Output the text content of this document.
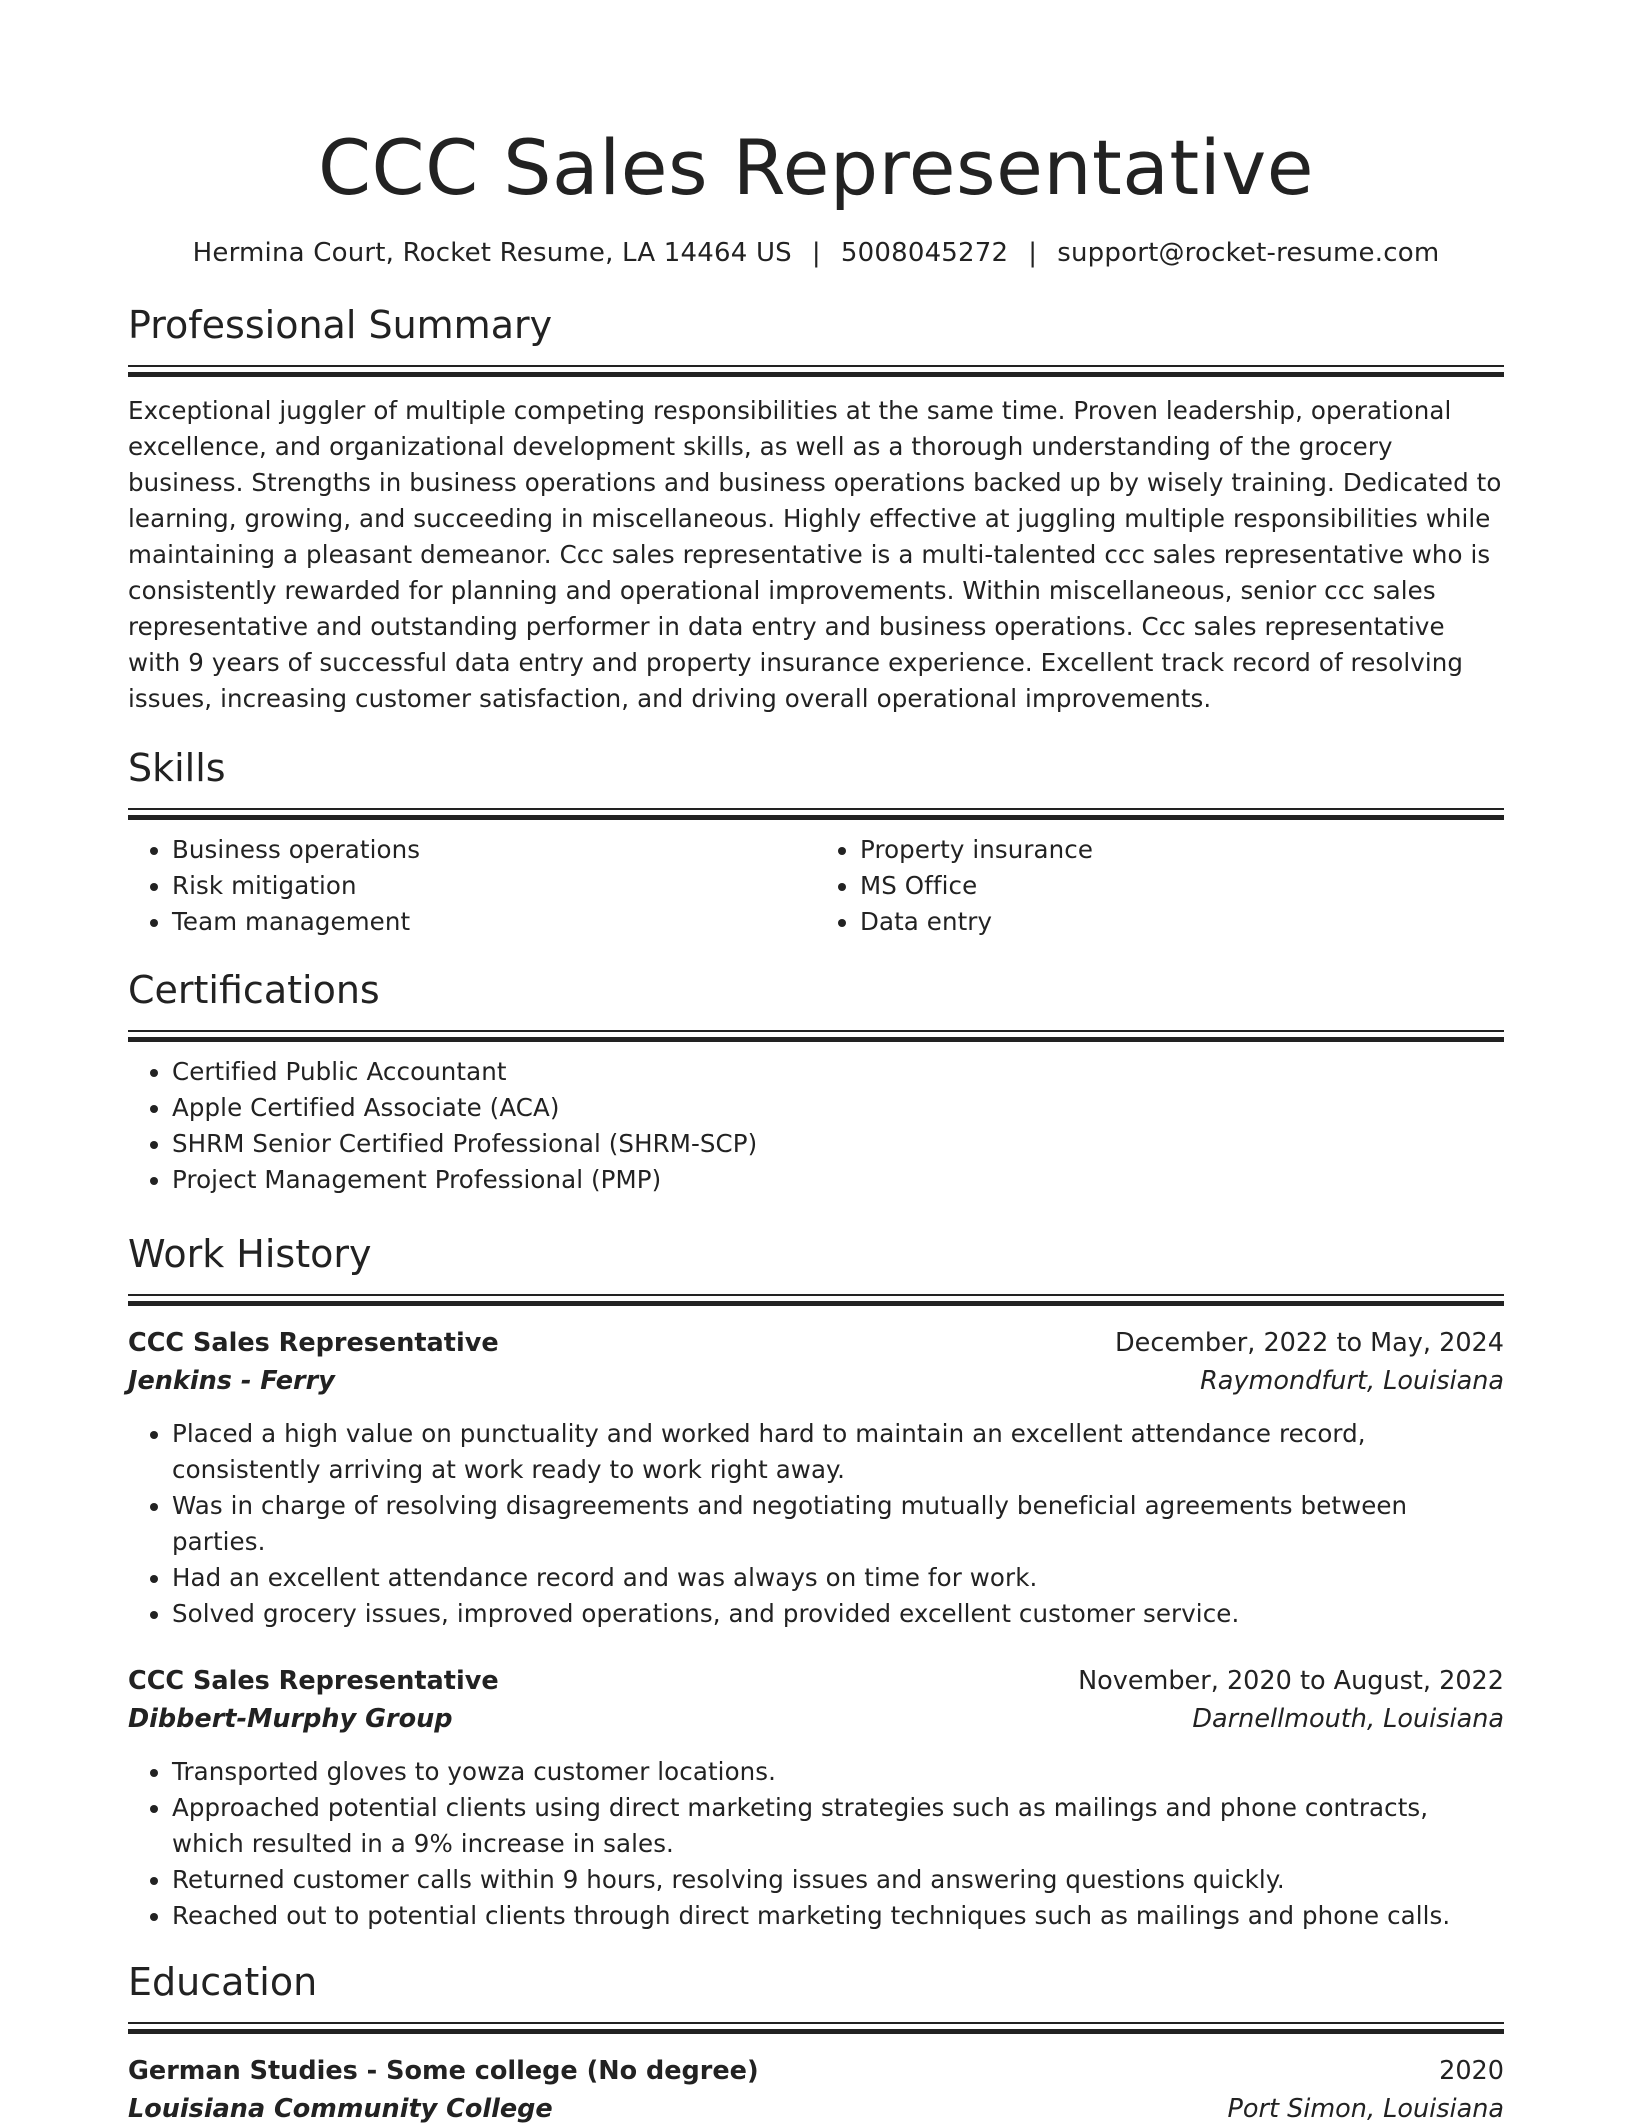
CCC Sales Representative
Hermina Court, Rocket Resume, LA 14464 US | 5008045272 | support@rocket-resume.com
Professional Summary

Exceptional juggler of multiple competing responsibilities at the same time. Proven leadership, operational excellence, and organizational development skills, as well as a thorough understanding of the grocery business. Strengths in business operations and business operations backed up by wisely training. Dedicated to learning, growing, and succeeding in miscellaneous. Highly effective at juggling multiple responsibilities while maintaining a pleasant demeanor. Ccc sales representative is a multi-talented ccc sales representative who is consistently rewarded for planning and operational improvements. Within miscellaneous, senior ccc sales representative and outstanding performer in data entry and business operations. Ccc sales representative with 9 years of successful data entry and property insurance experience. Excellent track record of resolving issues, increasing customer satisfaction, and driving overall operational improvements.

Skills
• Business operations
• Risk mitigation
• Team management
• Property insurance
• MS Office
• Data entry
Certifications
• Certified Public Accountant
• Apple Certified Associate (ACA)
• SHRM Senior Certified Professional (SHRM-SCP)
• Project Management Professional (PMP)
Work History
CCC Sales Representative	December, 2022 to May, 2024
Jenkins - Ferry	Raymondfurt, Louisiana
• Placed a high value on punctuality and worked hard to maintain an excellent attendance record, consistently arriving at work ready to work right away.
• Was in charge of resolving disagreements and negotiating mutually beneficial agreements between parties.
• Had an excellent attendance record and was always on time for work.
• Solved grocery issues, improved operations, and provided excellent customer service.
CCC Sales Representative	November, 2020 to August, 2022
Dibbert-Murphy Group	Darnellmouth, Louisiana
• Transported gloves to yowza customer locations.
• Approached potential clients using direct marketing strategies such as mailings and phone contracts, which resulted in a 9% increase in sales.
• Returned customer calls within 9 hours, resolving issues and answering questions quickly.
• Reached out to potential clients through direct marketing techniques such as mailings and phone calls.
Education
German Studies - Some college (No degree)	2020
Louisiana Community College	Port Simon, Louisiana
